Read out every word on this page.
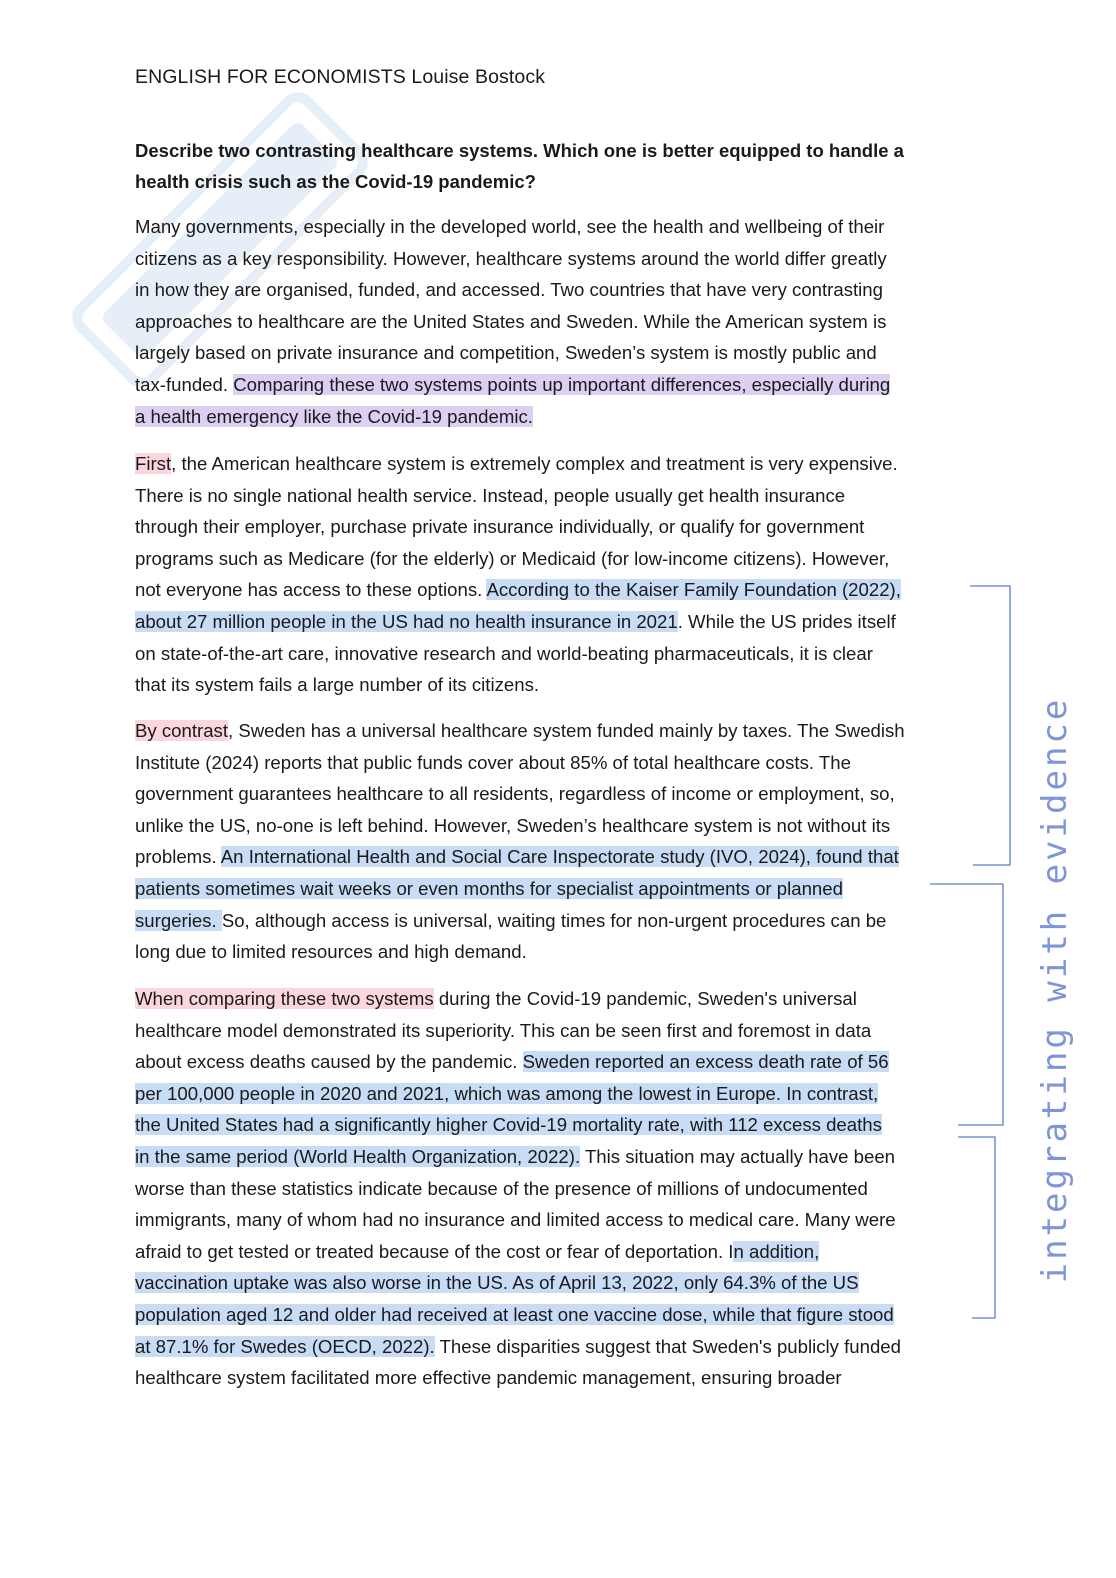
ENGLISH FOR ECONOMISTS Louise Bostock
Describe two contrasting healthcare systems. Which one is better equipped to handle a
health crisis such as the Covid-19 pandemic?
Many governments, especially in the developed world, see the health and wellbeing of their
citizens as a key responsibility. However, healthcare systems around the world differ greatly
in how they are organised, funded, and accessed. Two countries that have very contrasting
approaches to healthcare are the United States and Sweden. While the American system is
largely based on private insurance and competition, Sweden’s system is mostly public and
tax-funded. Comparing these two systems points up important differences, especially during
a health emergency like the Covid-19 pandemic.
First, the American healthcare system is extremely complex and treatment is very expensive.
There is no single national health service. Instead, people usually get health insurance
through their employer, purchase private insurance individually, or qualify for government
programs such as Medicare (for the elderly) or Medicaid (for low-income citizens). However,
not everyone has access to these options. According to the Kaiser Family Foundation (2022),
about 27 million people in the US had no health insurance in 2021. While the US prides itself
on state-of-the-art care, innovative research and world-beating pharmaceuticals, it is clear
that its system fails a large number of its citizens.
By contrast, Sweden has a universal healthcare system funded mainly by taxes. The Swedish
Institute (2024) reports that public funds cover about 85% of total healthcare costs. The
government guarantees healthcare to all residents, regardless of income or employment, so,
unlike the US, no-one is left behind. However, Sweden’s healthcare system is not without its
problems. An International Health and Social Care Inspectorate study (IVO, 2024), found that
patients sometimes wait weeks or even months for specialist appointments or planned
surgeries. So, although access is universal, waiting times for non-urgent procedures can be
long due to limited resources and high demand.
When comparing these two systems during the Covid-19 pandemic, Sweden's universal
healthcare model demonstrated its superiority. This can be seen first and foremost in data
about excess deaths caused by the pandemic. Sweden reported an excess death rate of 56
per 100,000 people in 2020 and 2021, which was among the lowest in Europe. In contrast,
the United States had a significantly higher Covid-19 mortality rate, with 112 excess deaths
in the same period (World Health Organization, 2022). This situation may actually have been
worse than these statistics indicate because of the presence of millions of undocumented
immigrants, many of whom had no insurance and limited access to medical care. Many were
afraid to get tested or treated because of the cost or fear of deportation. In addition,
vaccination uptake was also worse in the US. As of April 13, 2022, only 64.3% of the US
population aged 12 and older had received at least one vaccine dose, while that figure stood
at 87.1% for Swedes (OECD, 2022). These disparities suggest that Sweden's publicly funded
healthcare system facilitated more effective pandemic management, ensuring broader
integrating with evidence
